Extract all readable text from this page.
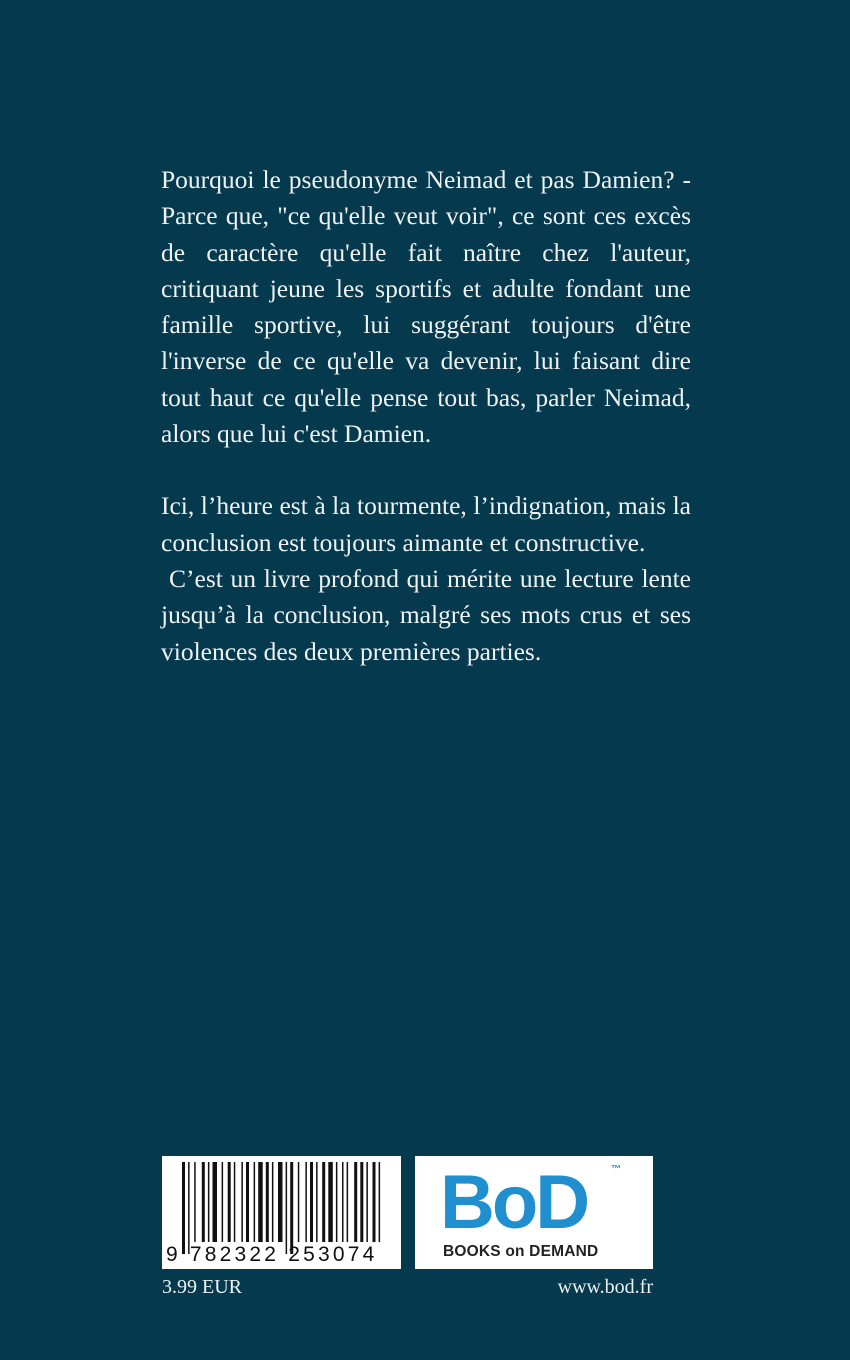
Pourquoi le pseudonyme Neimad et pas Damien? - Parce que, "ce qu'elle veut voir", ce sont ces excès de caractère qu'elle fait naître chez l'auteur, critiquant jeune les sportifs et adulte fondant une famille sportive, lui suggérant toujours d'être l'inverse de ce qu'elle va devenir, lui faisant dire tout haut ce qu'elle pense tout bas, parler Neimad, alors que lui c'est Damien.

Ici, l’heure est à la tourmente, l’indignation, mais la conclusion est toujours aimante et constructive.

C’est un livre profond qui mérite une lecture lente jusqu’à la conclusion, malgré ses mots crus et ses violences des deux premières parties.

9 782322 253074
BoD ™
BOOKS on DEMAND
3.99 EUR	www.bod.fr
